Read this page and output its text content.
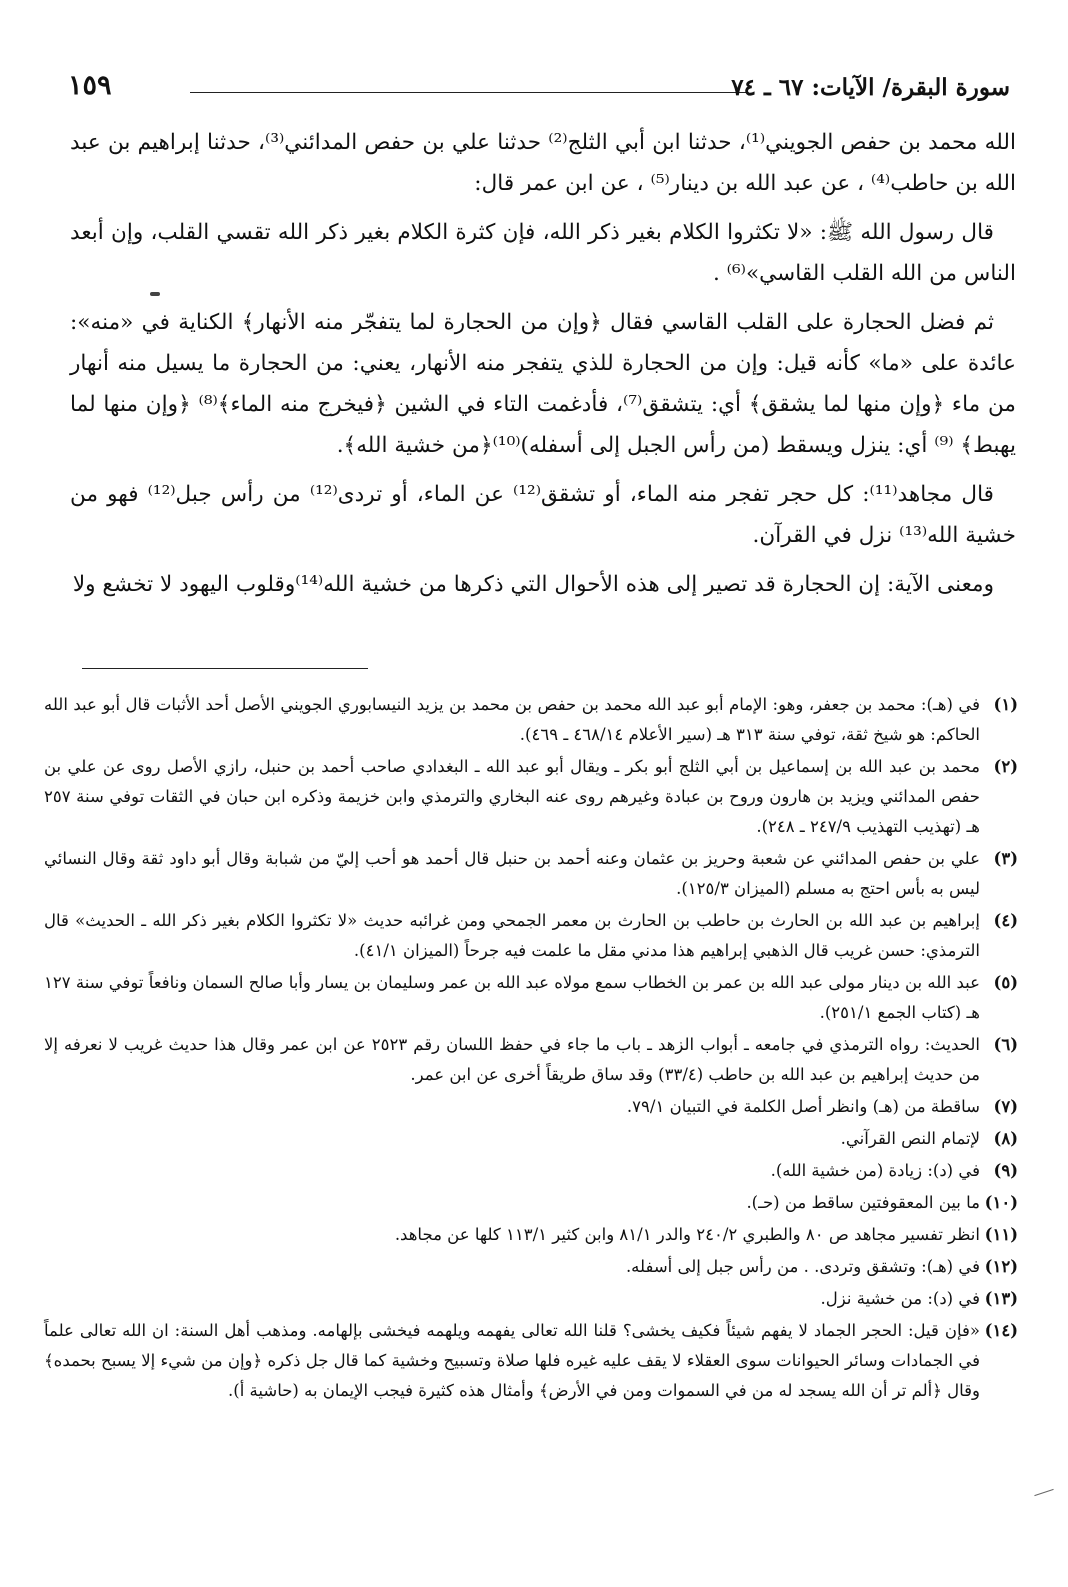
١٥٩	سورة البقرة/ الآيات: ٦٧ ـ ٧٤

الله محمد بن حفص الجويني⁽¹⁾، حدثنا ابن أبي الثلج⁽²⁾ حدثنا علي بن حفص المدائني⁽³⁾، حدثنا إبراهيم بن عبد الله بن حاطب⁽⁴⁾ ، عن عبد الله بن دينار⁽⁵⁾ ، عن ابن عمر قال:

قال رسول الله ﷺ: «لا تكثروا الكلام بغير ذكر الله، فإن كثرة الكلام بغير ذكر الله تقسي القلب، وإن أبعد الناس من الله القلب القاسي»⁽⁶⁾ .

ثم فضل الحجارة على القلب القاسي فقال ﴿وإن من الحجارة لما يتفجّر منه الأنهار﴾ الكناية في «منه»: عائدة على «ما» كأنه قيل: وإن من الحجارة للذي يتفجر منه الأنهار، يعني: من الحجارة ما يسيل منه أنهار من ماء ﴿وإن منها لما يشقق﴾ أي: يتشقق⁽⁷⁾، فأدغمت التاء في الشين ﴿فيخرج منه الماء﴾⁽⁸⁾ ﴿وإن منها لما يهبط﴾ ⁽⁹⁾ أي: ينزل ويسقط (من رأس الجبل إلى أسفله)⁽¹⁰⁾﴿من خشية الله﴾.

قال مجاهد⁽¹¹⁾: كل حجر تفجر منه الماء، أو تشقق⁽¹²⁾ عن الماء، أو تردى⁽¹²⁾ من رأس جبل⁽¹²⁾ فهو من خشية الله⁽¹³⁾ نزل في القرآن.

ومعنى الآية: إن الحجارة قد تصير إلى هذه الأحوال التي ذكرها من خشية الله⁽¹⁴⁾وقلوب اليهود لا تخشع ولا

(١)
في (هـ): محمد بن جعفر، وهو: الإمام أبو عبد الله محمد بن حفص بن محمد بن يزيد النيسابوري الجويني الأصل أحد الأثبات قال أبو عبد الله الحاكم: هو شيخ ثقة، توفي سنة ٣١٣ هـ (سير الأعلام ٤٦٨/١٤ ـ ٤٦٩).
(٢)
محمد بن عبد الله بن إسماعيل بن أبي الثلج أبو بكر ـ ويقال أبو عبد الله ـ البغدادي صاحب أحمد بن حنبل، رازي الأصل روى عن علي بن حفص المدائني ويزيد بن هارون وروح بن عبادة وغيرهم روى عنه البخاري والترمذي وابن خزيمة وذكره ابن حبان في الثقات توفي سنة ٢٥٧ هـ (تهذيب التهذيب ٢٤٧/٩ ـ ٢٤٨).
(٣)
علي بن حفص المدائني عن شعبة وحريز بن عثمان وعنه أحمد بن حنبل قال أحمد هو أحب إليّ من شبابة وقال أبو داود ثقة وقال النسائي ليس به بأس احتج به مسلم (الميزان ١٢٥/٣).
(٤)
إبراهيم بن عبد الله بن الحارث بن حاطب بن الحارث بن معمر الجمحي ومن غرائبه حديث «لا تكثروا الكلام بغير ذكر الله ـ الحديث» قال الترمذي: حسن غريب قال الذهبي إبراهيم هذا مدني مقل ما علمت فيه جرحاً (الميزان ٤١/١).
(٥)
عبد الله بن دينار مولى عبد الله بن عمر بن الخطاب سمع مولاه عبد الله بن عمر وسليمان بن يسار وأبا صالح السمان ونافعاً توفي سنة ١٢٧ هـ (كتاب الجمع ٢٥١/١).
(٦)
الحديث: رواه الترمذي في جامعه ـ أبواب الزهد ـ باب ما جاء في حفظ اللسان رقم ٢٥٢٣ عن ابن عمر وقال هذا حديث غريب لا نعرفه إلا من حديث إبراهيم بن عبد الله بن حاطب (٣٣/٤) وقد ساق طريقاً أخرى عن ابن عمر.
(٧)
ساقطة من (هـ) وانظر أصل الكلمة في التبيان ٧٩/١.
(٨)
لإتمام النص القرآني.
(٩)
في (د): زيادة (من خشية الله).
(١٠)
ما بين المعقوفتين ساقط من (حـ).
(١١)
انظر تفسير مجاهد ص ٨٠ والطبري ٢٤٠/٢ والدر ٨١/١ وابن كثير ١١٣/١ كلها عن مجاهد.
(١٢)
في (هـ): وتشقق وتردى. . من رأس جبل إلى أسفله.
(١٣)
في (د): من خشية نزل.
(١٤)
«فإن قيل: الحجر الجماد لا يفهم شيئاً فكيف يخشى؟ قلنا الله تعالى يفهمه ويلهمه فيخشى بإلهامه. ومذهب أهل السنة: ان الله تعالى علماً في الجمادات وسائر الحيوانات سوى العقلاء لا يقف عليه غيره فلها صلاة وتسبيح وخشية كما قال جل ذكره ﴿وإن من شيء إلا يسبح بحمده﴾ وقال ﴿ألم تر أن الله يسجد له من في السموات ومن في الأرض﴾ وأمثال هذه كثيرة فيجب الإيمان به (حاشية أ).
